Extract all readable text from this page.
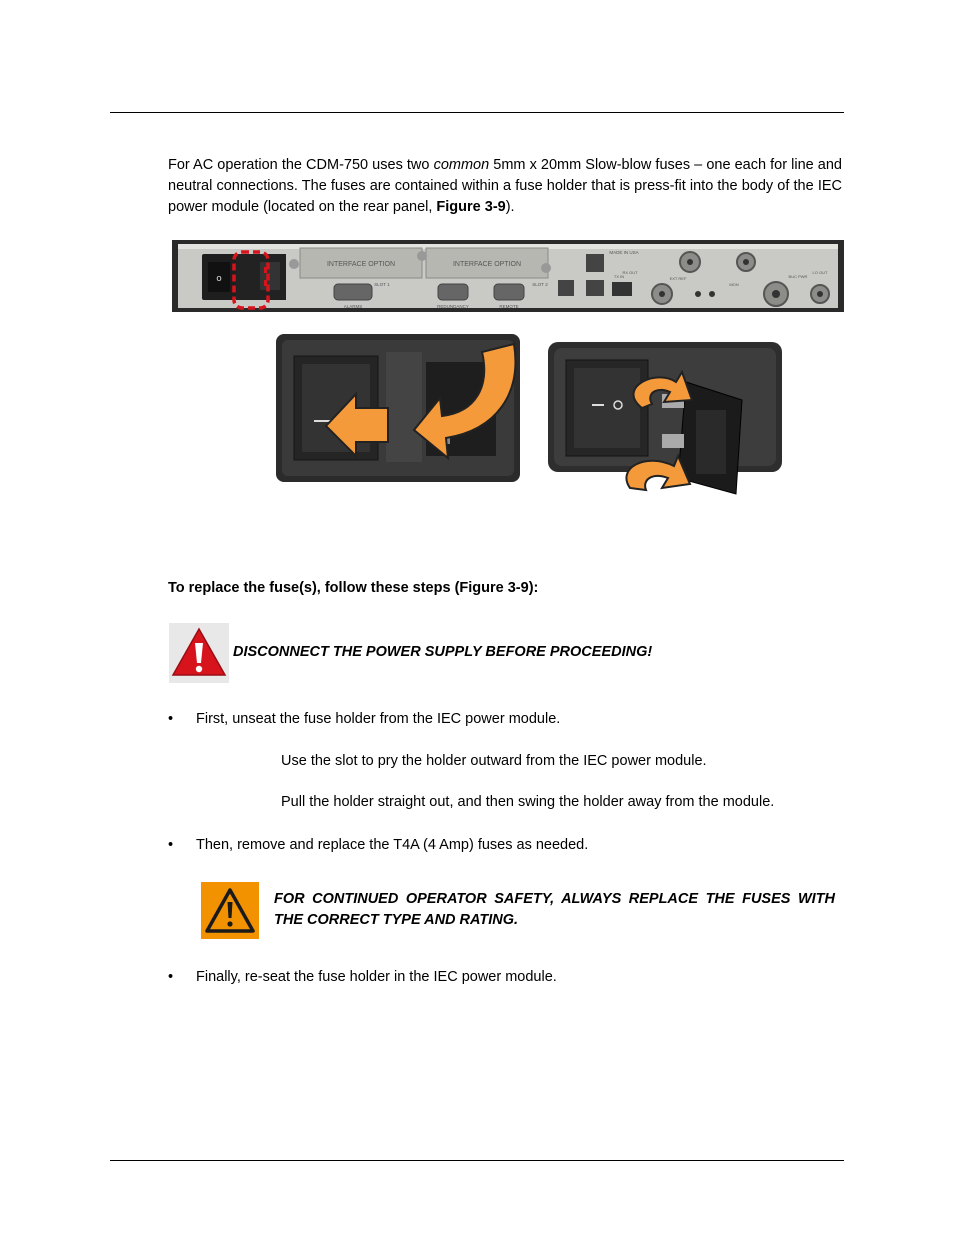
For AC operation the CDM-750 uses two common 5mm x 20mm Slow-blow fuses – one each for line and neutral connections. The fuses are contained within a fuse holder that is press-fit into the body of the IEC power module (located on the rear panel, Figure 3-9).
o
INTERFACE OPTION	INTERFACE OPTION
ALARMS	REDUNDANCY	REMOTE
SLOT 1	SLOT 2
MADE IN USA
TX IN
RX OUT
EXT REF
MON
BUC PWR
LO OUT
To replace the fuse(s), follow these steps (Figure 3-9):
DISCONNECT THE POWER SUPPLY BEFORE PROCEEDING!
• First, unseat the fuse holder from the IEC power module.
Use the slot to pry the holder outward from the IEC power module.
Pull the holder straight out, and then swing the holder away from the module.
• Then, remove and replace the T4A (4 Amp) fuses as needed.
FOR CONTINUED OPERATOR SAFETY, ALWAYS REPLACE THE FUSES WITH THE CORRECT TYPE AND RATING.
• Finally, re-seat the fuse holder in the IEC power module.
